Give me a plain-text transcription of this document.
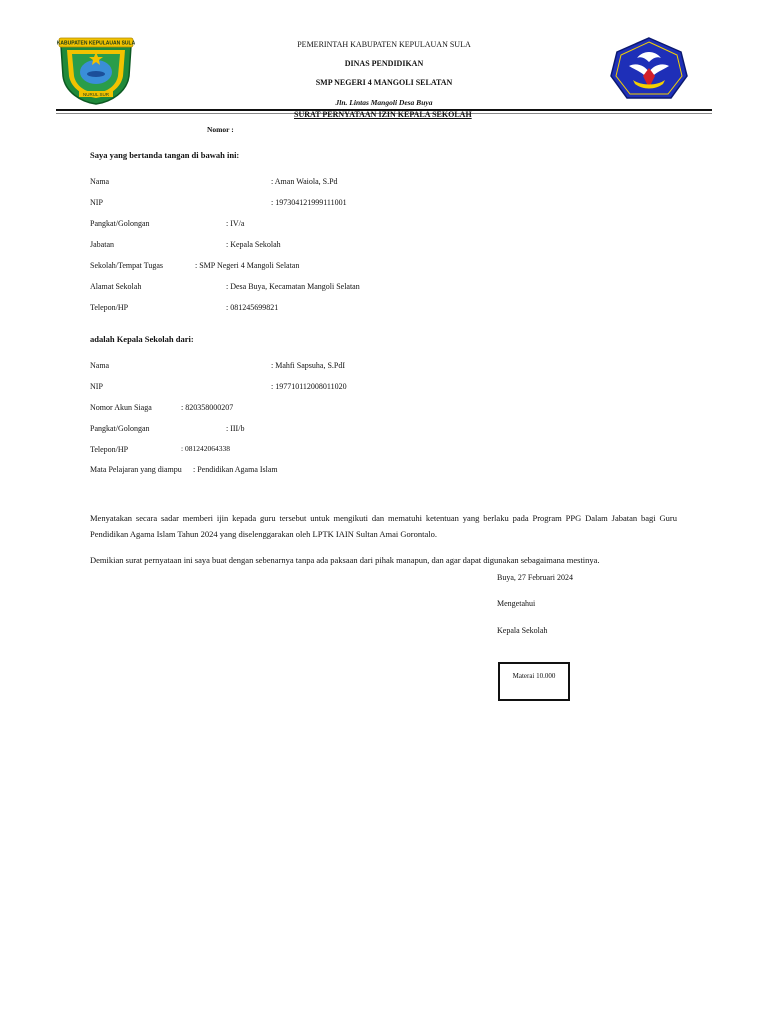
KABUPATEN KEPULAUAN SULA
NURUL SUR
PEMERINTAH KABUPATEN KEPULAUAN SULA
DINAS PENDIDIKAN
SMP NEGERI 4 MANGOLI SELATAN
Jln. Lintas Mangoli Desa Buya
SURAT PERNYATAAN IZIN KEPALA SEKOLAH
Nomor :
Saya yang bertanda tangan di bawah ini:
Nama	: Aman Waiola, S.Pd
NIP	: 197304121999111001
Pangkat/Golongan	: IV/a
Jabatan	: Kepala Sekolah
Sekolah/Tempat Tugas	: SMP Negeri 4 Mangoli Selatan
Alamat Sekolah	: Desa Buya, Kecamatan Mangoli Selatan
Telepon/HP	: 081245699821
adalah Kepala Sekolah dari:
Nama	: Mahfi Sapsuha, S.PdI
NIP	: 197710112008011020
Nomor Akun Siaga	: 820358000207
Pangkat/Golongan	: III/b
Telepon/HP	: 081242064338
Mata Pelajaran yang diampu : Pendidikan Agama Islam
Menyatakan secara sadar memberi ijin kepada guru tersebut untuk mengikuti dan mematuhi ketentuan yang berlaku pada Program PPG Dalam Jabatan bagi Guru Pendidikan Agama Islam Tahun 2024 yang diselenggarakan oleh LPTK IAIN Sultan Amai Gorontalo.
Demikian surat pernyataan ini saya buat dengan sebenarnya tanpa ada paksaan dari pihak manapun, dan agar dapat digunakan sebagaimana mestinya.
Buya, 27 Februari 2024
Mengetahui
Kepala Sekolah
Materai 10.000
